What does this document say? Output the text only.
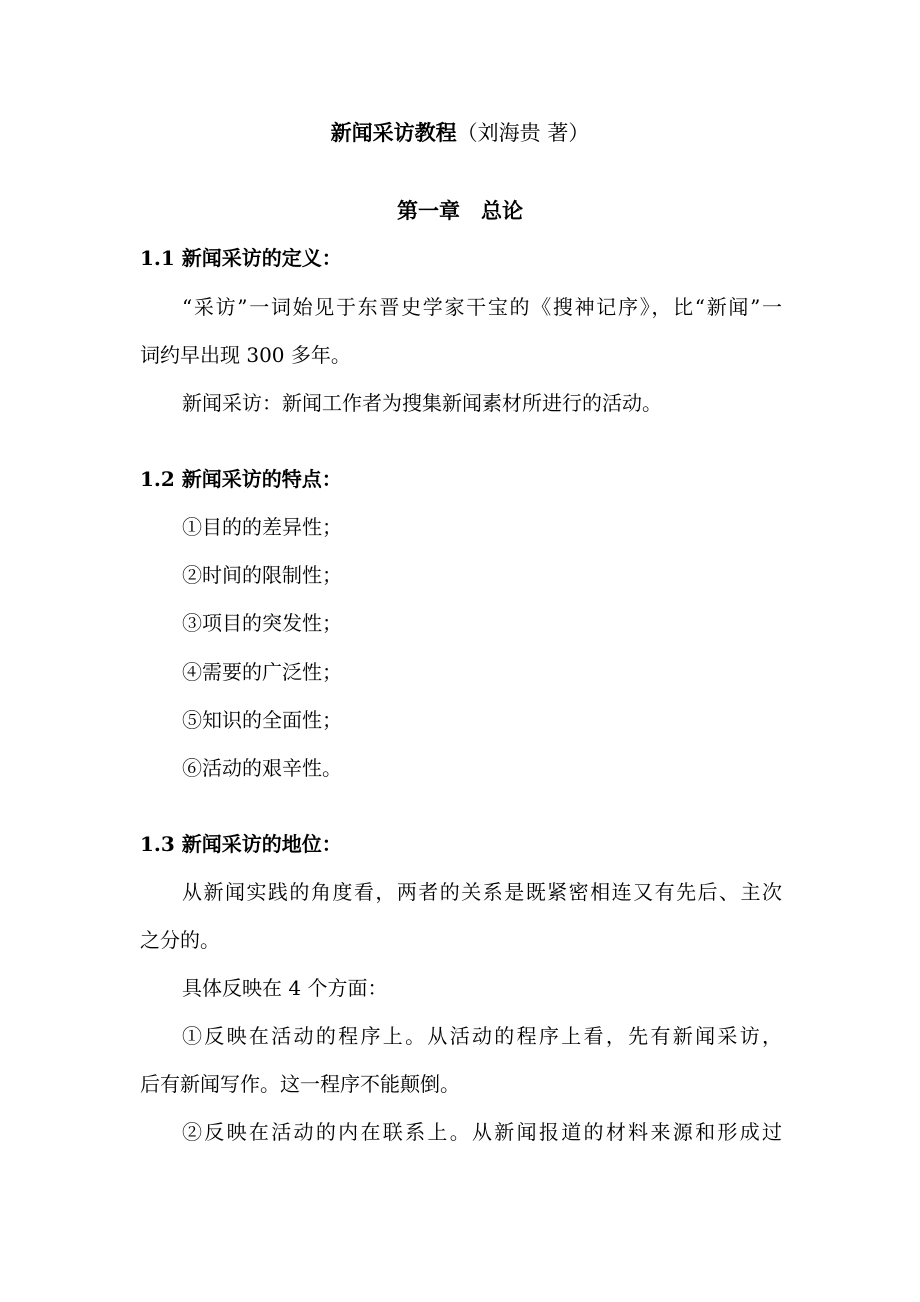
新闻采访教程（刘海贵 著）

第一章　总论

1.1 新闻采访的定义：

“采访”一词始见于东晋史学家干宝的《搜神记序》，比“新闻”一

词约早出现 300 多年。

新闻采访：新闻工作者为搜集新闻素材所进行的活动。

1.2 新闻采访的特点：

①目的的差异性；

②时间的限制性；

③项目的突发性；

④需要的广泛性；

⑤知识的全面性；

⑥活动的艰辛性。

1.3 新闻采访的地位：

从新闻实践的角度看，两者的关系是既紧密相连又有先后、主次

之分的。

具体反映在 4 个方面：

①反映在活动的程序上。从活动的程序上看，先有新闻采访，

后有新闻写作。这一程序不能颠倒。

②反映在活动的内在联系上。从新闻报道的材料来源和形成过
